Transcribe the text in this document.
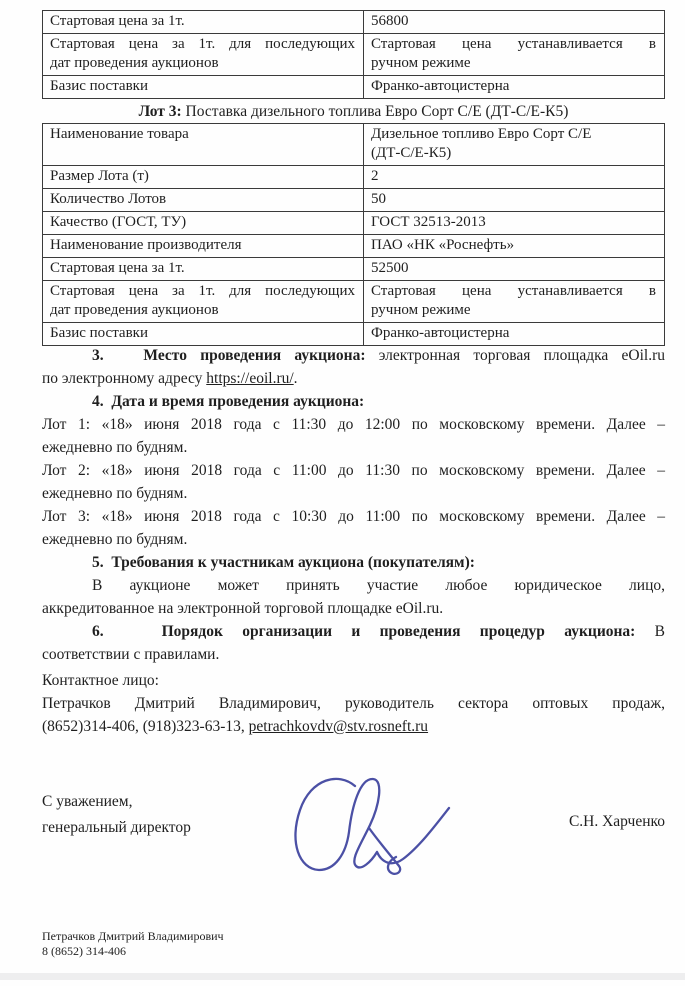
Стартовая цена за 1т.	56800

Стартовая цена за 1т. для последующих
дат проведения аукционов	Стартовая цена устанавливается в
ручном режиме

Базис поставки	Франко-автоцистерна
Лот 3: Поставка дизельного топлива Евро Сорт С/Е (ДТ-С/Е-К5)
Наименование товара	Дизельное топливо Евро Сорт С/Е
(ДТ-С/Е-К5)

Размер Лота (т)	2
Количество Лотов	50
Качество (ГОСТ, ТУ)	ГОСТ 32513-2013
Наименование производителя	ПАО «НК «Роснефть»
Стартовая цена за 1т.	52500

Стартовая цена за 1т. для последующих
дат проведения аукционов	Стартовая цена устанавливается в
ручном режиме

Базис поставки	Франко-автоцистерна

3.   Место проведения аукциона: электронная торговая площадка eOil.ru
по электронному адресу https://eoil.ru/.

4.  Дата и время проведения аукциона:

Лот 1: «18» июня 2018 года с 11:30 до 12:00 по московскому времени. Далее –
ежедневно по будням.

Лот 2: «18» июня 2018 года с 11:00 до 11:30 по московскому времени. Далее –
ежедневно по будням.

Лот 3: «18» июня 2018 года с 10:30 до 11:00 по московскому времени. Далее –
ежедневно по будням.

5.  Требования к участникам аукциона (покупателям):
В аукционе может принять участие любое юридическое лицо,
аккредитованное на электронной торговой площадке eOil.ru.

6.   Порядок организации и проведения процедур аукциона: В
соответствии с правилами.

Контактное лицо:

Петрачков Дмитрий Владимирович, руководитель сектора оптовых продаж,

(8652)314-406, (918)323-63-13, petrachkovdv@stv.rosneft.ru

С уважением,
генеральный директор	С.Н. Харченко
Петрачков Дмитрий Владимирович
8 (8652) 314-406
